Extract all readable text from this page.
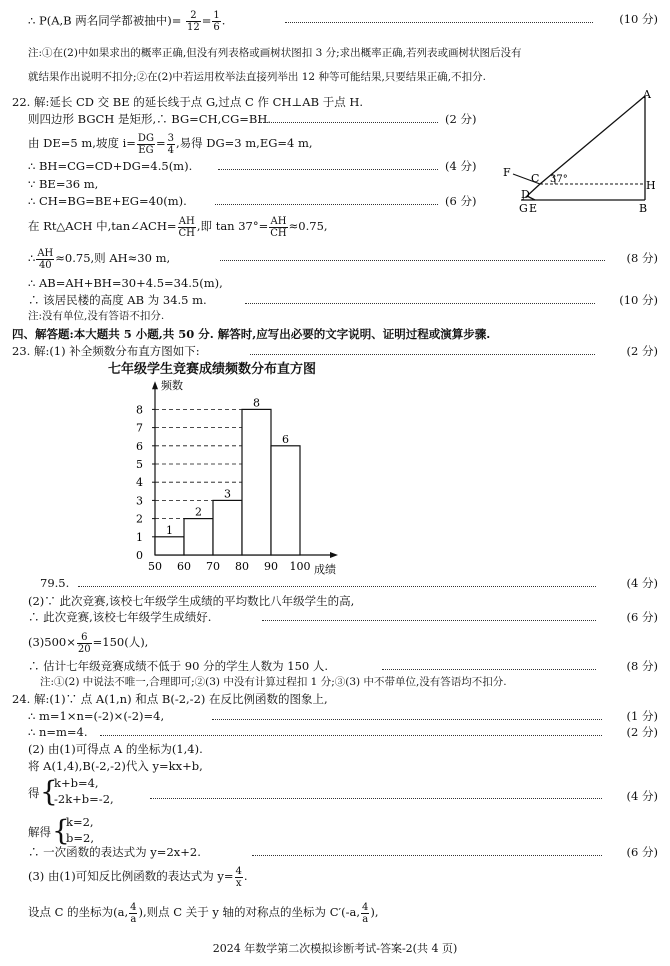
∴ P(A,B 两名同学都被抽中)= $\frac{2}{12} = \frac{1}{6}$ .	(10 分)
注:①在(2)中如果求出的概率正确,但没有列表格或画树状图扣 3 分;求出概率正确,若列表或画树状图后没有
就结果作出说明不扣分;②在(2)中若运用枚举法直接列举出 12 种等可能结果,只要结果正确,不扣分.
22. 解:延长 CD 交 BE 的延长线于点 G,过点 C 作 CH⊥AB 于点 H.
则四边形 BGCH 是矩形,∴ BG=CH,CG=BH.	(2 分)
由 DE=5 m,坡度 $i= \frac{DG}{EG} = \frac{3}{4}$ ,易得 DG=3 m,EG=4 m,
∴ BH=CG=CD+DG=4.5(m).	(4 分)
∵ BE=36 m,
∴ CH=BG=BE+EG=40(m).	(6 分)
在 Rt△ACH 中,tan∠ACH= $\frac{AH}{CH}$ ,即 $\tan 37^\circ= \frac{AH}{CH} \approx 0.75$,
∴ $\frac{AH}{40} \approx 0.75$,则 AH≈30 m,	(8 分)
∴ AB=AH+BH=30+4.5=34.5(m),
∴ 该居民楼的高度 AB 为 34.5 m.	(10 分)
注:没有单位,没有答语不扣分.
A
H
B
C
D
E
G
F
37°
四、解答题:本大题共 5 小题,共 50 分. 解答时,应写出必要的文字说明、证明过程或演算步骤.
23. 解:(1) 补全频数分布直方图如下:	(2 分)
七年级学生竞赛成绩频数分布直方图
1
2
3
8
6
0
1
2
3
4
5
6
7
8
50 60 70 80 90 100
频数
成绩
79.5.	(4 分)
(2)∵ 此次竞赛,该校七年级学生成绩的平均数比八年级学生的高,
∴ 此次竞赛,该校七年级学生成绩好.	(6 分)
$(3)500\times \frac{6}{20} =150$(人),
∴ 估计七年级竞赛成绩不低于 90 分的学生人数为 150 人.	(8 分)
注:①(2) 中说法不唯一,合理即可;②(3) 中没有计算过程扣 1 分;③(3) 中不带单位,没有答语均不扣分.
24. 解:(1)∵ 点 A(1,n) 和点 B(-2,-2) 在反比例函数的图象上,
∴ m=1×n=(-2)×(-2)=4,	(1 分)
∴ n=m=4.	(2 分)
(2) 由(1)可得点 A 的坐标为(1,4).
将 A(1,4),B(-2,-2)代入 y=kx+b,
得 {
k+b=4,
-2k+b=-2,	(4 分)
解得 {
k=2,
b=2,
∴ 一次函数的表达式为 y=2x+2.	(6 分)
(3) 由(1)可知反比例函数的表达式为 $y= \frac{4}{x}$ .
设点 C 的坐标为(a, $\frac{4}{a}$ ),则点 C 关于 y 轴的对称点的坐标为 C′(-a, $\frac{4}{a}$ ),
2024 年数学第二次模拟诊断考试-答案-2(共 4 页)
